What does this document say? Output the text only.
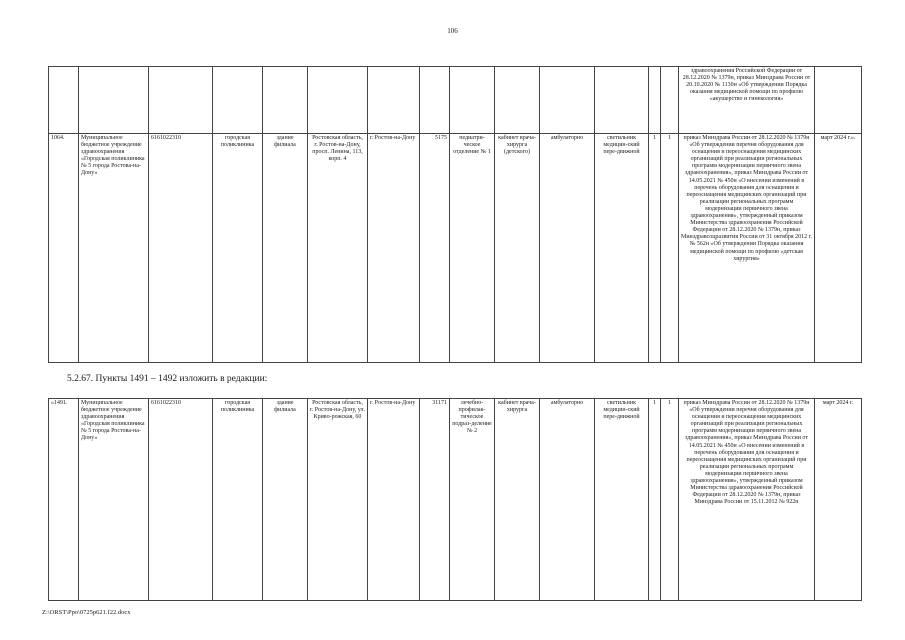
106
														здравоохранения Российской Федерации от 28.12.2020 № 1379н, приказ Минздрава России от 20.10.2020 № 1130н «Об утверждении Порядка оказания медицинской помощи по профилю «акушерство и гинекология»	
1064.	Муниципальное бюджетное учреждение здравоохранения «Городская поликлиника № 5 города Ростова-на-Дону»	6161022310	городская поликлиника	здание филиала	Ростовская область, г. Ростов-на-Дону, просп. Ленина, 113, корп. 4	г. Ростов-на-Дону	5175	педиатри-ческое отделение № 1	кабинет врача-хирурга (детского)	амбулаторно	светильник медицин-ский пере-движной	1	1	приказ Минздрава России от 28.12.2020 № 1379н «Об утверждении перечня оборудования для оснащения и переоснащения медицинских организаций при реализации региональных программ модернизации первичного звена здравоохранения», приказ Минздрава России от 14.05.2021 № 450н «О внесении изменений в перечень оборудования для оснащения и переоснащения медицинских организаций при реализации региональных программ модернизации первичного звена здравоохранения», утвержденный приказом Министерства здравоохранения Российской Федерации от 28.12.2020 № 1379н, приказ Минздравсоцразвития России от 31 октября 2012 г. № 562н «Об утверждении Порядка оказания медицинской помощи по профилю «детская хирургия»	март 2024 г.».
5.2.67. Пункты 1491 – 1492 изложить в редакции:
«1491.	Муниципальное бюджетное учреждение здравоохранения «Городская поликлиника № 5 города Ростова-на-Дону»	6161022310	городская поликлиника	здание филиала	Ростовская область, г. Ростов-на-Дону, ул. Криво-рожская, 60	г. Ростов-на-Дону	31171	лечебно-профилак-тическое подраз-деление № 2	кабинет врача-хирурга	амбулаторно	светильник медицин-ский пере-движной	1	1	приказ Минздрава России от 28.12.2020 № 1379н «Об утверждении перечня оборудования для оснащения и переоснащения медицинских организаций при реализации региональных программ модернизации первичного звена здравоохранения», приказ Минздрава России от 14.05.2021 № 450н «О внесении изменений в перечень оборудования для оснащения и переоснащения медицинских организаций при реализации региональных программ модернизации первичного звена здравоохранения», утвержденный приказом Министерства здравоохранения Российской Федерации от 28.12.2020 № 1379н, приказ Минздрава России от 15.11.2012 № 922н	март 2024 г.
Z:\ORST\Ppo\0725p621.f22.docx
